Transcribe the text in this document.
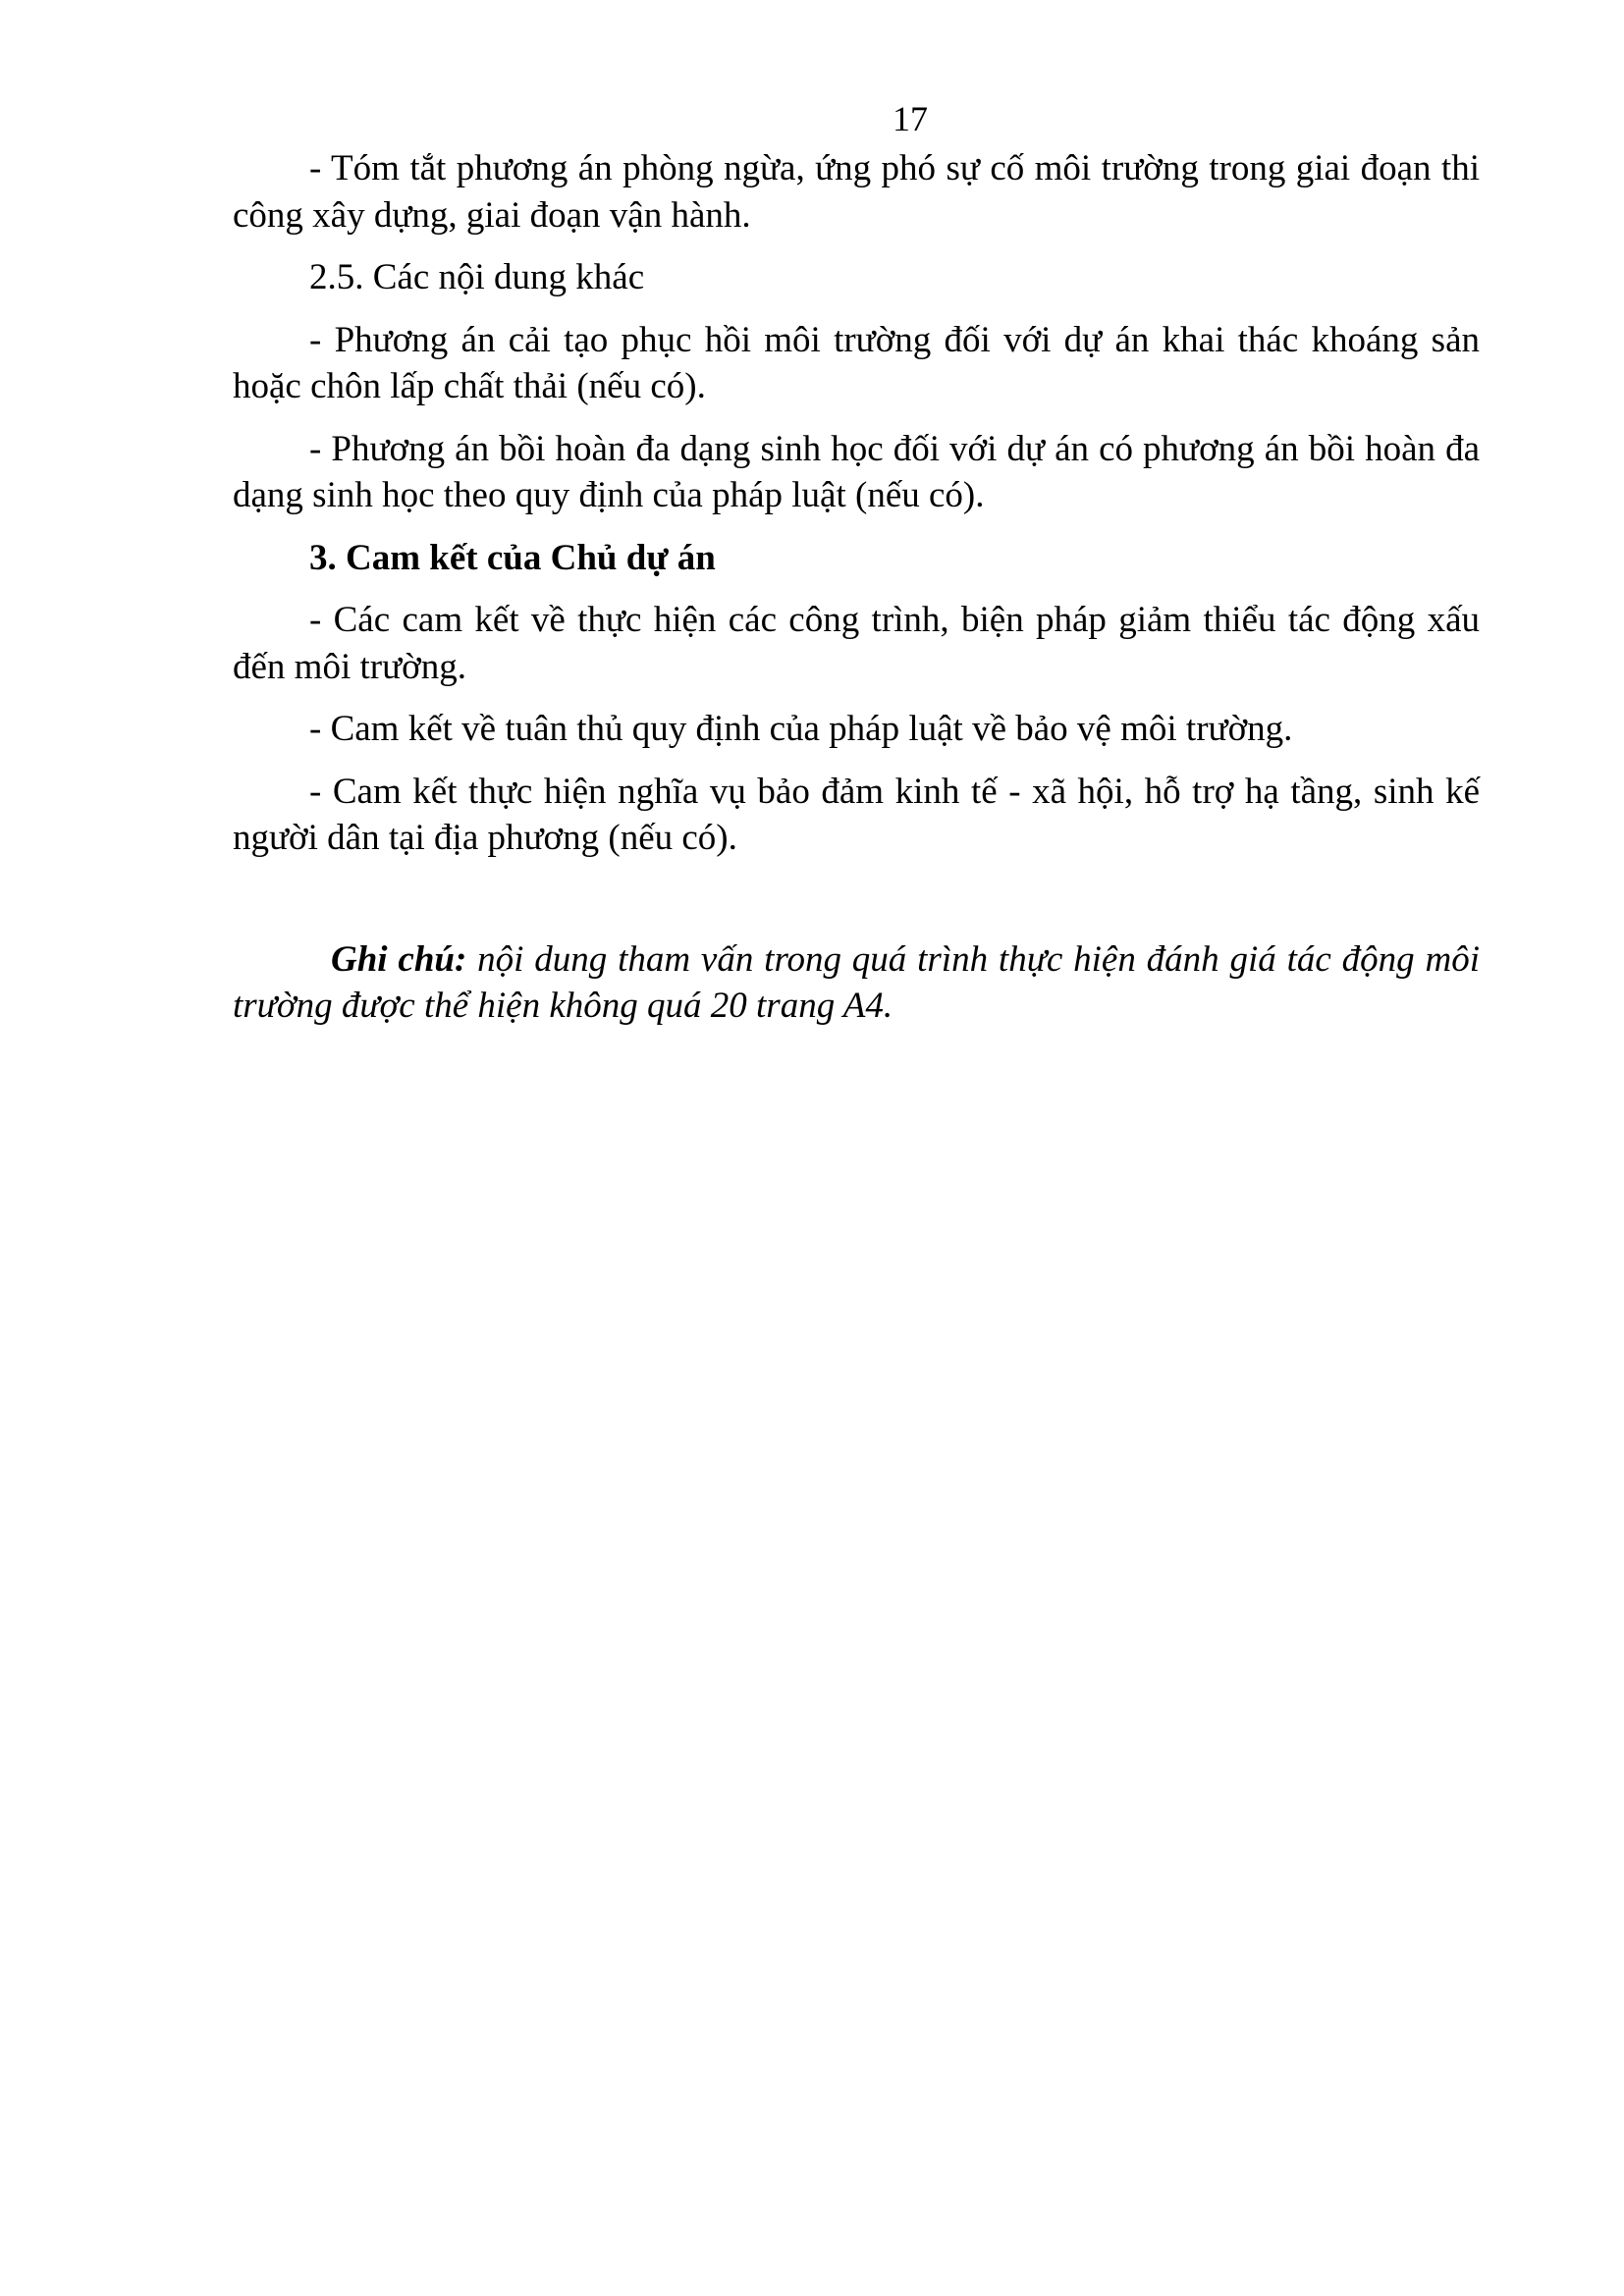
17

- Tóm tắt phương án phòng ngừa, ứng phó sự cố môi trường trong giai đoạn thi công xây dựng, giai đoạn vận hành.

2.5. Các nội dung khác

- Phương án cải tạo phục hồi môi trường đối với dự án khai thác khoáng sản hoặc chôn lấp chất thải (nếu có).

- Phương án bồi hoàn đa dạng sinh học đối với dự án có phương án bồi hoàn đa dạng sinh học theo quy định của pháp luật (nếu có).

3. Cam kết của Chủ dự án

- Các cam kết về thực hiện các công trình, biện pháp giảm thiểu tác động xấu đến môi trường.

- Cam kết về tuân thủ quy định của pháp luật về bảo vệ môi trường.

- Cam kết thực hiện nghĩa vụ bảo đảm kinh tế - xã hội, hỗ trợ hạ tầng, sinh kế người dân tại địa phương (nếu có).

Ghi chú: nội dung tham vấn trong quá trình thực hiện đánh giá tác động môi trường được thể hiện không quá 20 trang A4.
